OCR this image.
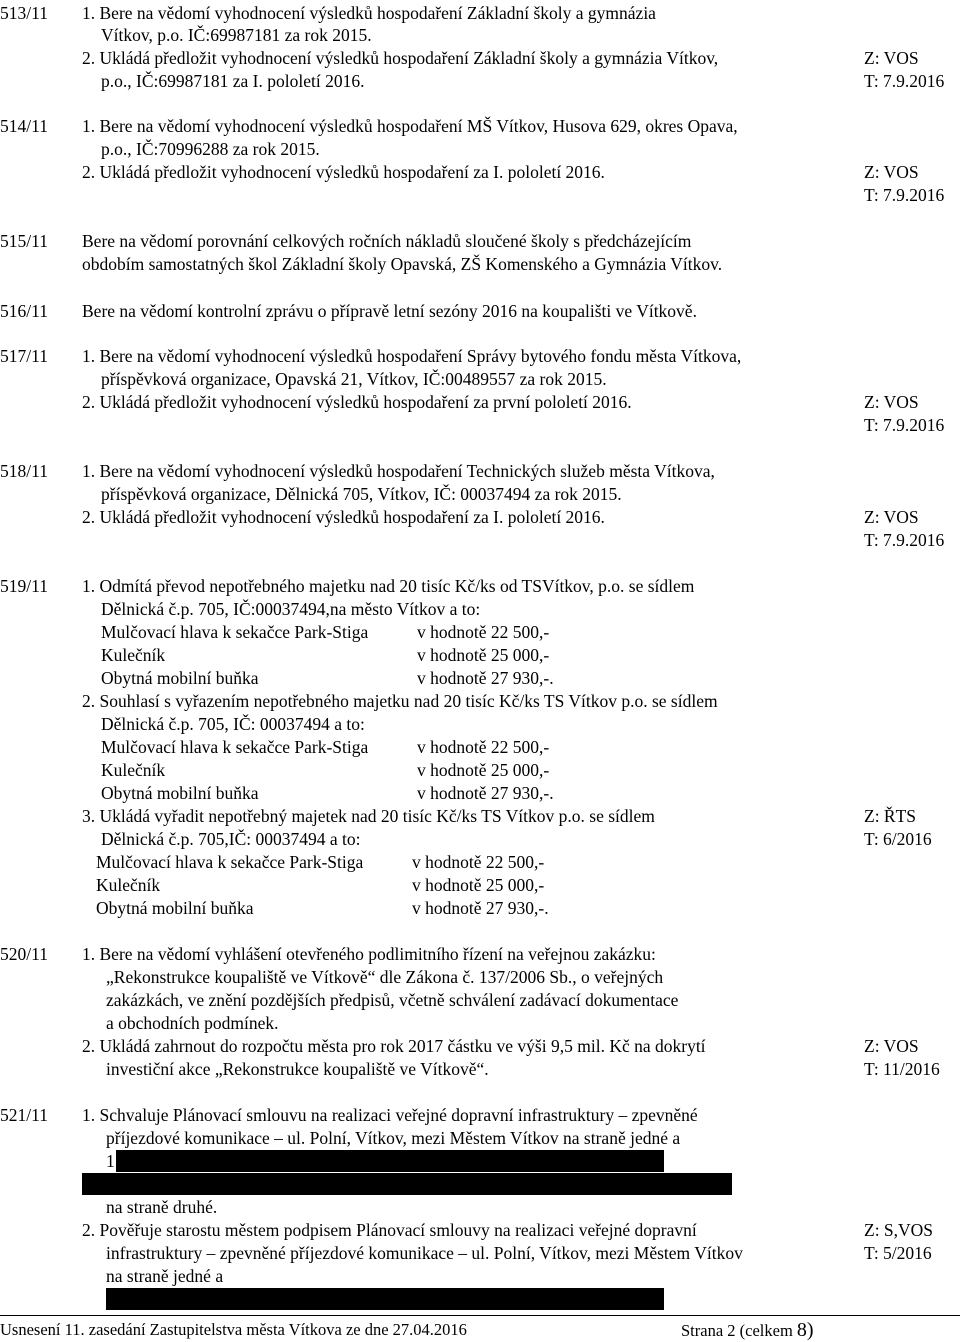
513/11 1. Bere na vědomí vyhodnocení výsledků hospodaření Základní školy a gymnázia
Vítkov, p.o. IČ:69987181 za rok 2015.
2. Ukládá předložit vyhodnocení výsledků hospodaření Základní školy a gymnázia Vítkov,
p.o., IČ:69987181 za I. pololetí 2016.
Z: VOS
T: 7.9.2016
514/11 1. Bere na vědomí vyhodnocení výsledků hospodaření MŠ Vítkov, Husova 629, okres Opava,
p.o., IČ:70996288 za rok 2015.
2. Ukládá předložit vyhodnocení výsledků hospodaření za I. pololetí 2016.	Z: VOS
T: 7.9.2016
515/11 Bere na vědomí porovnání celkových ročních nákladů sloučené školy s předcházejícím
obdobím samostatných škol Základní školy Opavská, ZŠ Komenského a Gymnázia Vítkov.
516/11 Bere na vědomí kontrolní zprávu o přípravě letní sezóny 2016 na koupališti ve Vítkově.
517/11 1. Bere na vědomí vyhodnocení výsledků hospodaření Správy bytového fondu města Vítkova,
příspěvková organizace, Opavská 21, Vítkov, IČ:00489557 za rok 2015.
2. Ukládá předložit vyhodnocení výsledků hospodaření za první pololetí 2016.	Z: VOS
T: 7.9.2016
518/11 1. Bere na vědomí vyhodnocení výsledků hospodaření Technických služeb města Vítkova,
příspěvková organizace, Dělnická 705, Vítkov, IČ: 00037494 za rok 2015.
2. Ukládá předložit vyhodnocení výsledků hospodaření za I. pololetí 2016.	Z: VOS
T: 7.9.2016
519/11 1. Odmítá převod nepotřebného majetku nad 20 tisíc Kč/ks od TSVítkov, p.o. se sídlem
Dělnická č.p. 705, IČ:00037494,na město Vítkov a to:
Mulčovací hlava k sekačce Park-Stiga	v hodnotě 22 500,-
Kulečník	v hodnotě 25 000,-
Obytná mobilní buňka	v hodnotě 27 930,-.
2. Souhlasí s vyřazením nepotřebného majetku nad 20 tisíc Kč/ks TS Vítkov p.o. se sídlem
Dělnická č.p. 705, IČ: 00037494 a to:
Mulčovací hlava k sekačce Park-Stiga	v hodnotě 22 500,-
Kulečník	v hodnotě 25 000,-
Obytná mobilní buňka	v hodnotě 27 930,-.
3. Ukládá vyřadit nepotřebný majetek nad 20 tisíc Kč/ks TS Vítkov p.o. se sídlem
Dělnická č.p. 705,IČ: 00037494 a to:
Mulčovací hlava k sekačce Park-Stiga	v hodnotě 22 500,-
Kulečník	v hodnotě 25 000,-
Obytná mobilní buňka	v hodnotě 27 930,-.
Z: ŘTS
T: 6/2016
520/11 1. Bere na vědomí vyhlášení otevřeného podlimitního řízení na veřejnou zakázku:
„Rekonstrukce koupaliště ve Vítkově“ dle Zákona č. 137/2006 Sb., o veřejných
zakázkách, ve znění pozdějších předpisů, včetně schválení zadávací dokumentace
a obchodních podmínek.
2. Ukládá zahrnout do rozpočtu města pro rok 2017 částku ve výši 9,5 mil. Kč na dokrytí
investiční akce „Rekonstrukce koupaliště ve Vítkově“.
Z: VOS
T: 11/2016
521/11 1. Schvaluje Plánovací smlouvu na realizaci veřejné dopravní infrastruktury – zpevněné
příjezdové komunikace – ul. Polní, Vítkov, mezi Městem Vítkov na straně jedné a
1
na straně druhé.
2. Pověřuje starostu městem podpisem Plánovací smlouvy na realizaci veřejné dopravní
infrastruktury – zpevněné příjezdové komunikace – ul. Polní, Vítkov, mezi Městem Vítkov
na straně jedné a
Z: S,VOS
T: 5/2016
Usnesení 11. zasedání Zastupitelstva města Vítkova ze dne 27.04.2016	Strana 2 (celkem 8)
